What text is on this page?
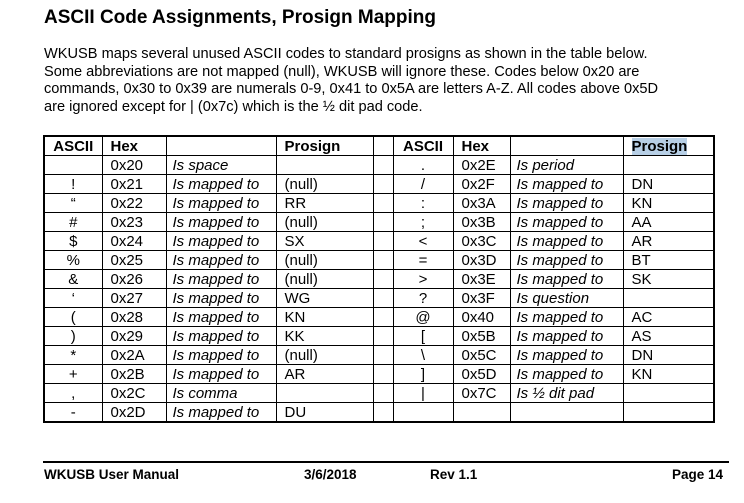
ASCII Code Assignments, Prosign Mapping
WKUSB maps several unused ASCII codes to standard prosigns as shown in the table below.
Some abbreviations are not mapped (null), WKUSB will ignore these. Codes below 0x20 are
commands, 0x30 to 0x39 are numerals 0-9, 0x41 to 0x5A are letters A-Z. All codes above 0x5D
are ignored except for | (0x7c) which is the ½ dit pad code.
ASCII	Hex		Prosign		ASCII	Hex		Prosign
	0x20	Is space			.	0x2E	Is period	
!	0x21	Is mapped to	(null)		/	0x2F	Is mapped to	DN
“	0x22	Is mapped to	RR		:	0x3A	Is mapped to	KN
#	0x23	Is mapped to	(null)		;	0x3B	Is mapped to	AA
$	0x24	Is mapped to	SX		<	0x3C	Is mapped to	AR
%	0x25	Is mapped to	(null)		=	0x3D	Is mapped to	BT
&	0x26	Is mapped to	(null)		>	0x3E	Is mapped to	SK
‘	0x27	Is mapped to	WG		?	0x3F	Is question	
(	0x28	Is mapped to	KN		@	0x40	Is mapped to	AC
)	0x29	Is mapped to	KK		[	0x5B	Is mapped to	AS
*	0x2A	Is mapped to	(null)		\	0x5C	Is mapped to	DN
+	0x2B	Is mapped to	AR		]	0x5D	Is mapped to	KN
,	0x2C	Is comma			|	0x7C	Is ½ dit pad	
-	0x2D	Is mapped to	DU					
WKUSB User Manual	3/6/2018	Rev 1.1	Page 14
